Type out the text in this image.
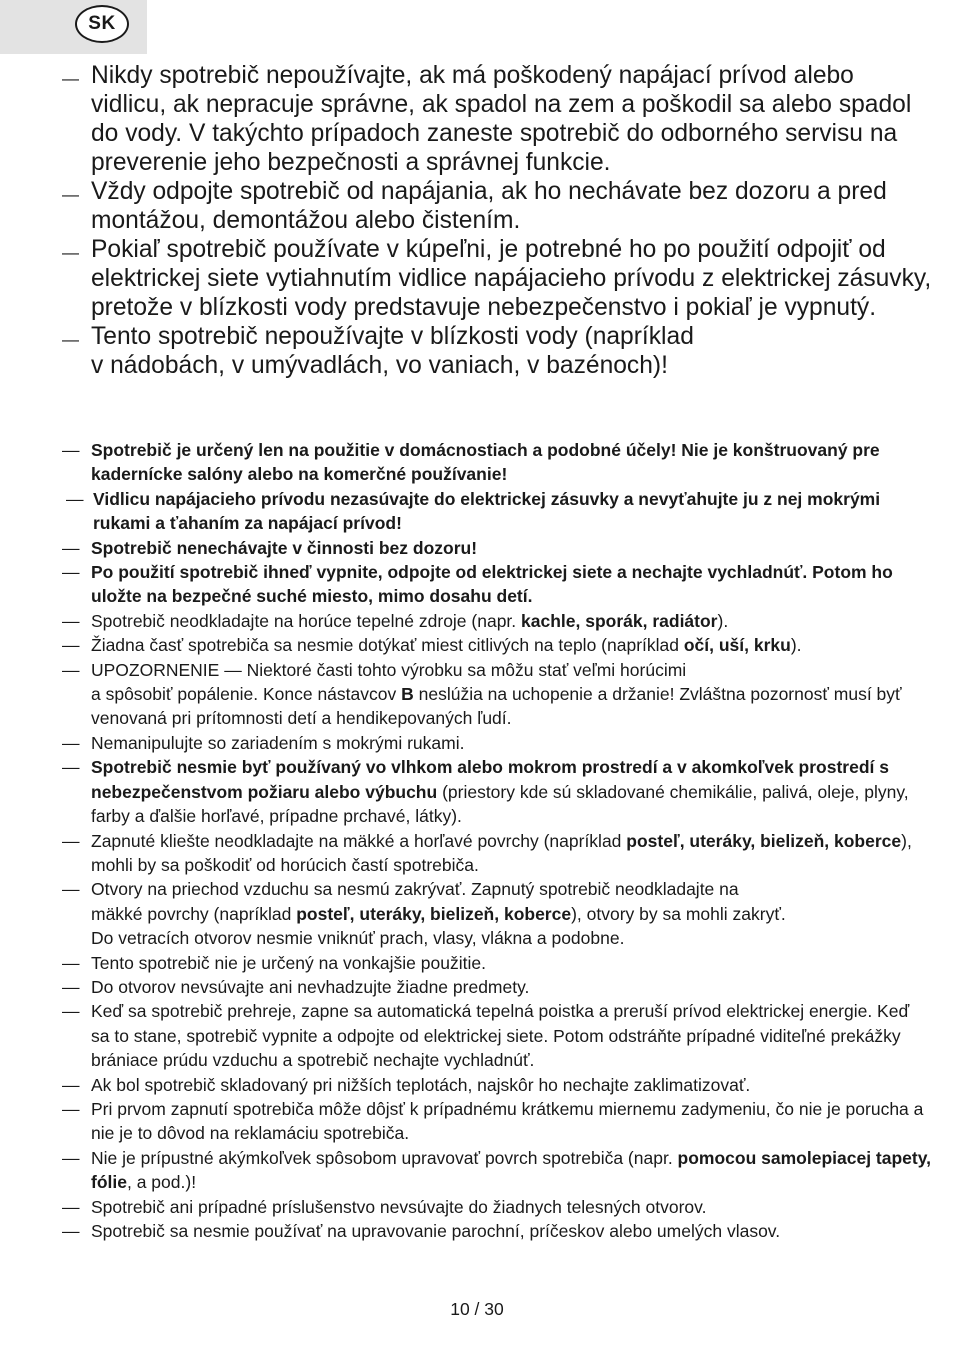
SK
— Nikdy spotrebič nepoužívajte, ak má poškodený napájací prívod alebo vidlicu, ak nepracuje správne, ak spadol na zem a poškodil sa alebo spadol do vody. V takýchto prípadoch zaneste spotrebič do odborného servisu na preverenie jeho bezpečnosti a správnej funkcie.
— Vždy odpojte spotrebič od napájania, ak ho nechávate bez dozoru a pred montážou, demontážou alebo čistením.
— Pokiaľ spotrebič používate v kúpeľni, je potrebné ho po použití odpojiť od elektrickej siete vytiahnutím vidlice napájacieho prívodu z elektrickej zásuvky, pretože v blízkosti vody predstavuje nebezpečenstvo i pokiaľ je vypnutý.
— Tento spotrebič nepoužívajte v blízkosti vody (napríklad
v nádobách, v umývadlách, vo vaniach, v bazénoch)!
— Spotrebič je určený len na použitie v domácnostiach a podobné účely! Nie je konštruovaný pre kadernícke salóny alebo na komerčné používanie!
— Vidlicu napájacieho prívodu nezasúvajte do elektrickej zásuvky a nevyťahujte ju z nej mokrými rukami a ťahaním za napájací prívod!
— Spotrebič nenechávajte v činnosti bez dozoru!
— Po použití spotrebič ihneď vypnite, odpojte od elektrickej siete a nechajte vychladnúť. Potom ho uložte na bezpečné suché miesto, mimo dosahu detí.
— Spotrebič neodkladajte na horúce tepelné zdroje (napr. kachle, sporák, radiátor).
— Žiadna časť spotrebiča sa nesmie dotýkať miest citlivých na teplo (napríklad očí, uší, krku).
— UPOZORNENIE — Niektoré časti tohto výrobku sa môžu stať veľmi horúcimi
a spôsobiť popálenie. Konce nástavcov B neslúžia na uchopenie a držanie! Zvláštna pozornosť musí byť venovaná pri prítomnosti detí a hendikepovaných ľudí.
— Nemanipulujte so zariadením s mokrými rukami.
— Spotrebič nesmie byť používaný vo vlhkom alebo mokrom prostredí a v akomkoľvek prostredí s nebezpečenstvom požiaru alebo výbuchu (priestory kde sú skladované chemikálie, palivá, oleje, plyny, farby a ďalšie horľavé, prípadne prchavé, látky).
— Zapnuté kliešte neodkladajte na mäkké a horľavé povrchy (napríklad posteľ, uteráky, bielizeň, koberce), mohli by sa poškodiť od horúcich častí spotrebiča.
— Otvory na priechod vzduchu sa nesmú zakrývať. Zapnutý spotrebič neodkladajte na
mäkké povrchy (napríklad posteľ, uteráky, bielizeň, koberce), otvory by sa mohli zakryť.
Do vetracích otvorov nesmie vniknúť prach, vlasy, vlákna a podobne.
— Tento spotrebič nie je určený na vonkajšie použitie.
— Do otvorov nevsúvajte ani nevhadzujte žiadne predmety.
— Keď sa spotrebič prehreje, zapne sa automatická tepelná poistka a preruší prívod elektrickej energie. Keď sa to stane, spotrebič vypnite a odpojte od elektrickej siete. Potom odstráňte prípadné viditeľné prekážky brániace prúdu vzduchu a spotrebič nechajte vychladnúť.
— Ak bol spotrebič skladovaný pri nižších teplotách, najskôr ho nechajte zaklimatizovať.
— Pri prvom zapnutí spotrebiča môže dôjsť k prípadnému krátkemu miernemu zadymeniu, čo nie je porucha a nie je to dôvod na reklamáciu spotrebiča.
— Nie je prípustné akýmkoľvek spôsobom upravovať povrch spotrebiča (napr. pomocou samolepiacej tapety, fólie, a pod.)!
— Spotrebič ani prípadné príslušenstvo nevsúvajte do žiadnych telesných otvorov.
— Spotrebič sa nesmie používať na upravovanie parochní, príčeskov alebo umelých vlasov.
10 / 30
